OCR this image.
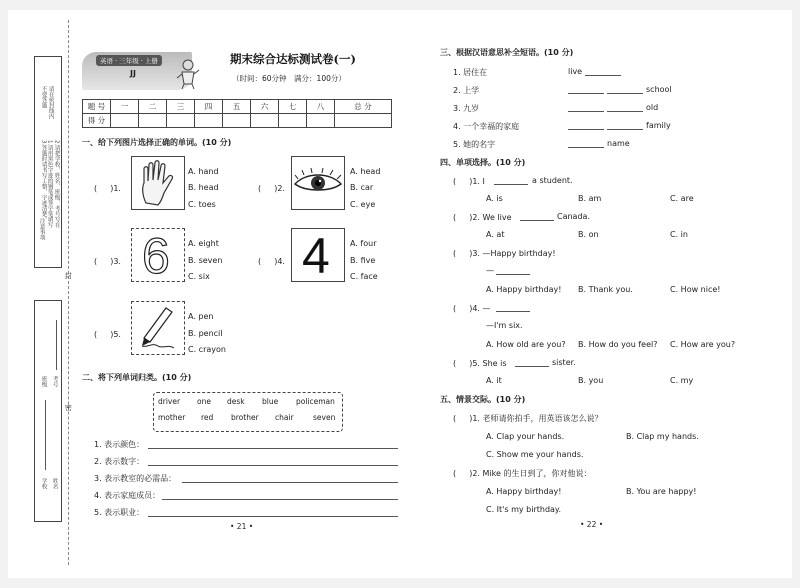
注意事项
1.请用黑色字迹的钢笔或签字笔填写 2.请把学校、姓名、班级、考号写在
3.答题时请书写工整，字迹清楚。
请在密封线内
不要答题
学校 姓名
班级 考号
封
密
英语 · 三年级 · 上册
JJ
期末综合达标测试卷(一)
（时间：60分钟　满分：100分）
题 号	一	二	三	四	五	六	七	八	总 分
得 分									
一、给下列图片选择正确的单词。(10 分)
( 　 )1.
A. hand
B. head
C. toes
( 　 )2.
A. head
B. car
C. eye
( 　 )3. 6 A. eight
B. seven
C. six
( 　 )4. 4	A. four
B. five
C. face
( 　 )5.
A. pen
B. pencil
C. crayon
二、将下列单词归类。(10 分)
driver one desk blue policeman
mother red brother chair	seven
1. 表示颜色：
2. 表示数字：
3. 表示教室的必需品：
4. 表示家庭成员：
5. 表示职业：
• 21 •
三、根据汉语意思补全短语。(10 分)
1. 居住在	live
2. 上学	school
3. 九岁	old
4. 一个幸福的家庭	family
5. 她的名字	name
四、单项选择。(10 分)
( 　 )1. I	a student.
A. is	B. am	C. are
( 　 )2. We live	Canada.
A. at	B. on	C. in
( 　 )3. —Happy birthday!
—
A. Happy birthday! B. Thank you.	C. How nice!
( 　 )4. —
—I'm six.
A. How old are you? B. How do you feel? C. How are you?
( 　 )5. She is	sister.
A. it	B. you	C. my
五、情景交际。(10 分)
( 　 )1. 老师请你拍手，用英语该怎么说？
A. Clap your hands.	B. Clap my hands.
C. Show me your hands.
( 　 )2. Mike 的生日到了，你对他说：
A. Happy birthday!	B. You are happy!
C. It's my birthday.
• 22 •
